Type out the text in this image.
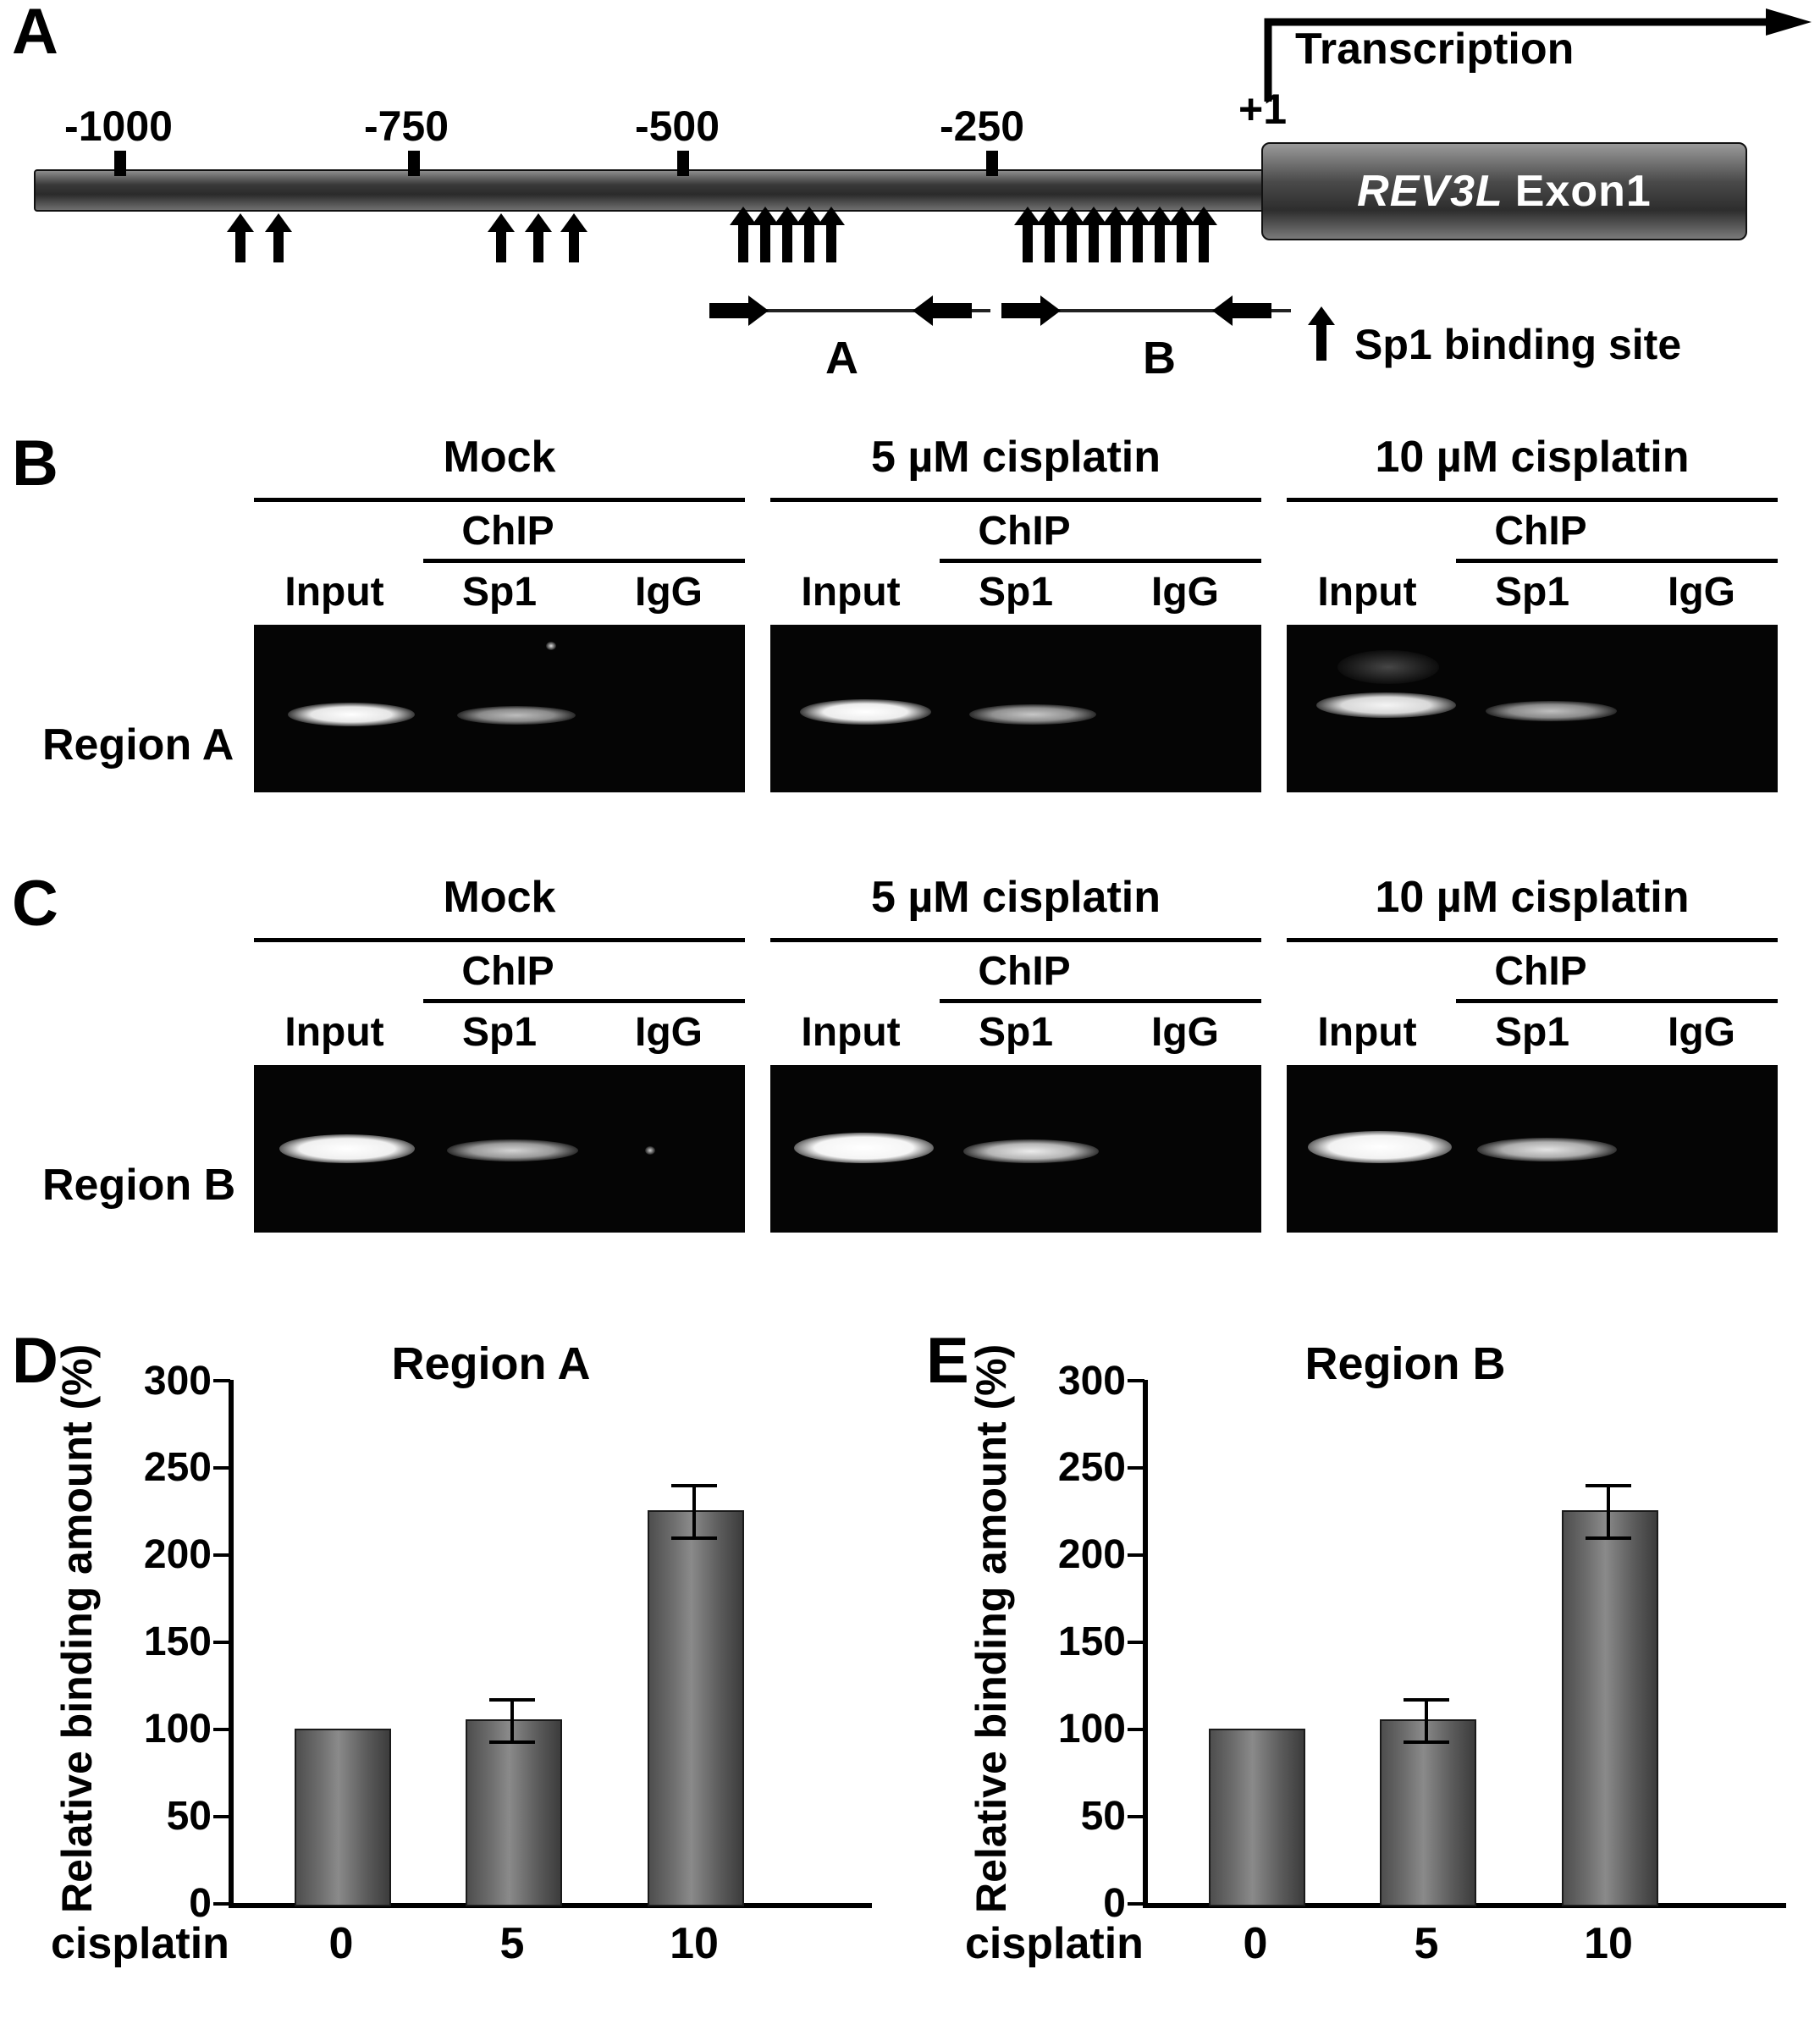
A	Transcription
+1
REV3L Exon1
-1000	-750	-500	-250
A	B	Sp1 binding site
B
Region A
Mock
ChIP
Input	Sp1	IgG
5 µM cisplatin
ChIP
Input	Sp1	IgG
10 µM cisplatin
ChIP
Input	Sp1	IgG
C
Region B
Mock
ChIP
Input	Sp1	IgG
5 µM cisplatin
ChIP
Input	Sp1	IgG
10 µM cisplatin
ChIP
Input	Sp1	IgG
D	Region A
Relative binding amount (%)	300
250
200
150
100
50
0
cisplatin	0	5	10
E	Region B
Relative binding amount (%)	300
250
200
150
100
50
0
cisplatin	0	5	10
